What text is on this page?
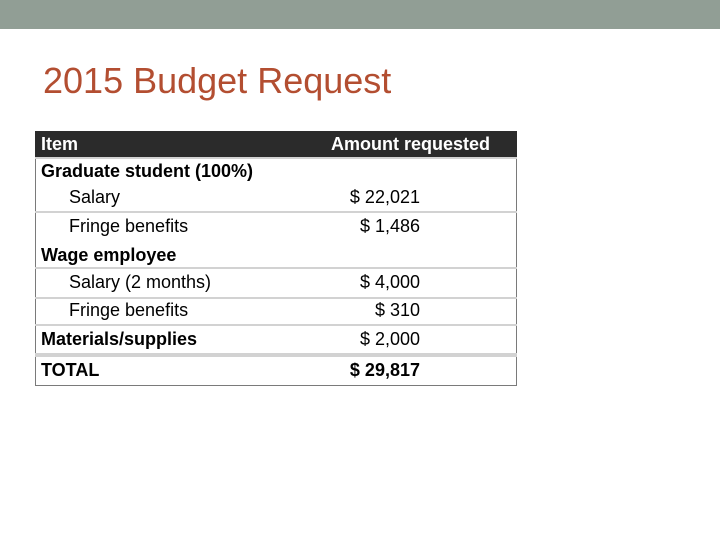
2015 Budget Request
Item	Amount requested
Graduate student (100%)
Salary	$ 22,021
Fringe benefits	$ 1,486
Wage employee
Salary (2 months)	$ 4,000
Fringe benefits	$ 310
Materials/supplies	$ 2,000
TOTAL	$ 29,817
